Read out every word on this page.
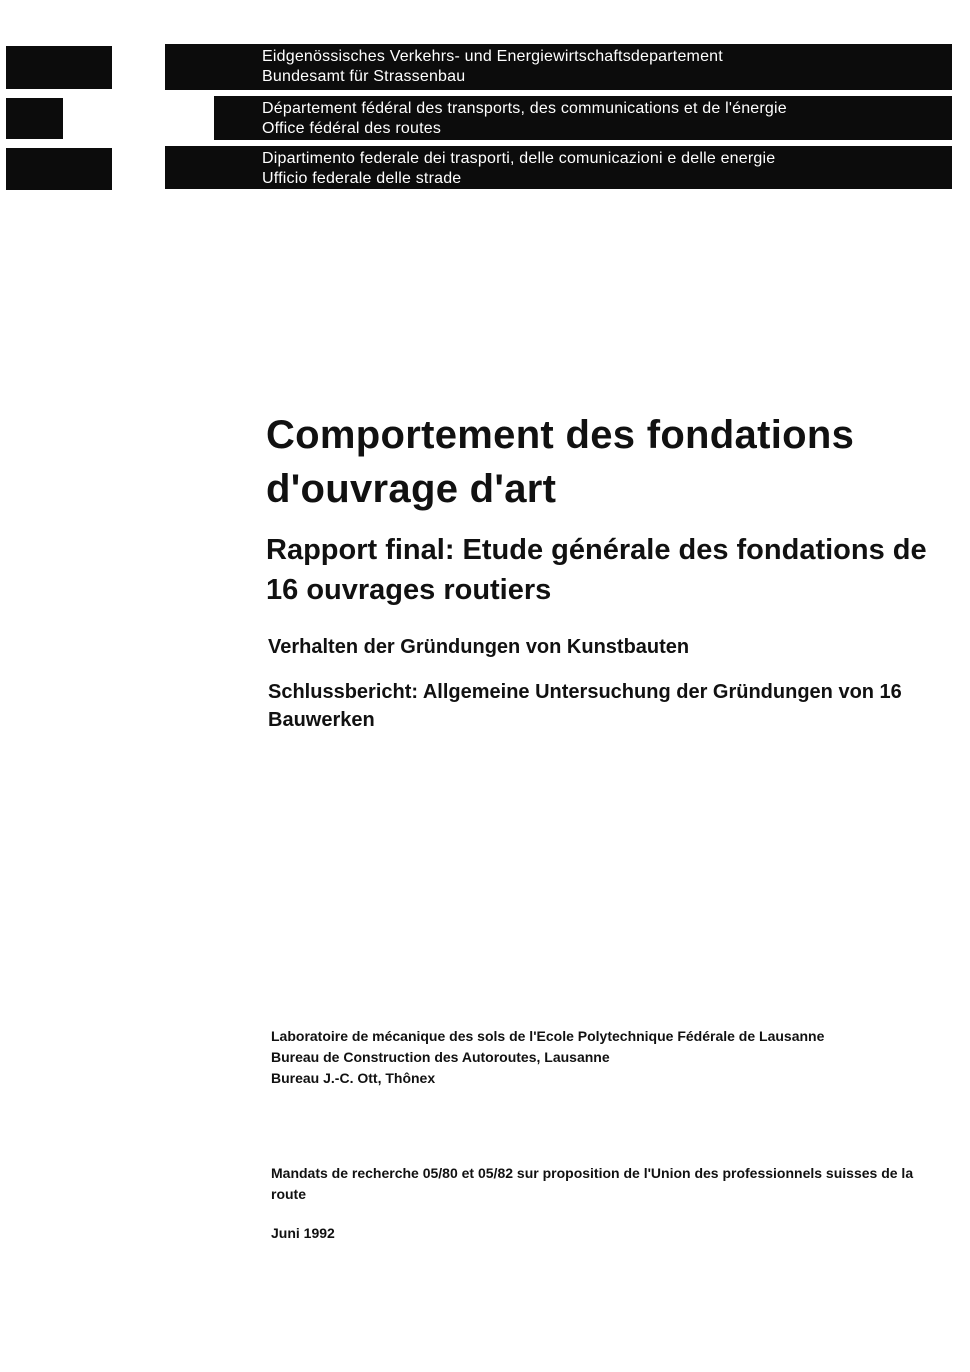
Eidgenössisches Verkehrs- und Energiewirtschaftsdepartement
Bundesamt für Strassenbau
Département fédéral des transports, des communications et de l'énergie
Office fédéral des routes
Dipartimento federale dei trasporti, delle comunicazioni e delle energie
Ufficio federale delle strade
Comportement des fondations d'ouvrage d'art
Rapport final: Etude générale des fondations de 16 ouvrages routiers
Verhalten der Gründungen von Kunstbauten
Schlussbericht: Allgemeine Untersuchung der Gründungen von 16 Bauwerken

Laboratoire de mécanique des sols de l'Ecole Polytechnique Fédérale de Lausanne
Bureau de Construction des Autoroutes, Lausanne
Bureau J.-C. Ott, Thônex

Mandats de recherche 05/80 et 05/82 sur proposition de l'Union des professionnels suisses de la route

Juni 1992
